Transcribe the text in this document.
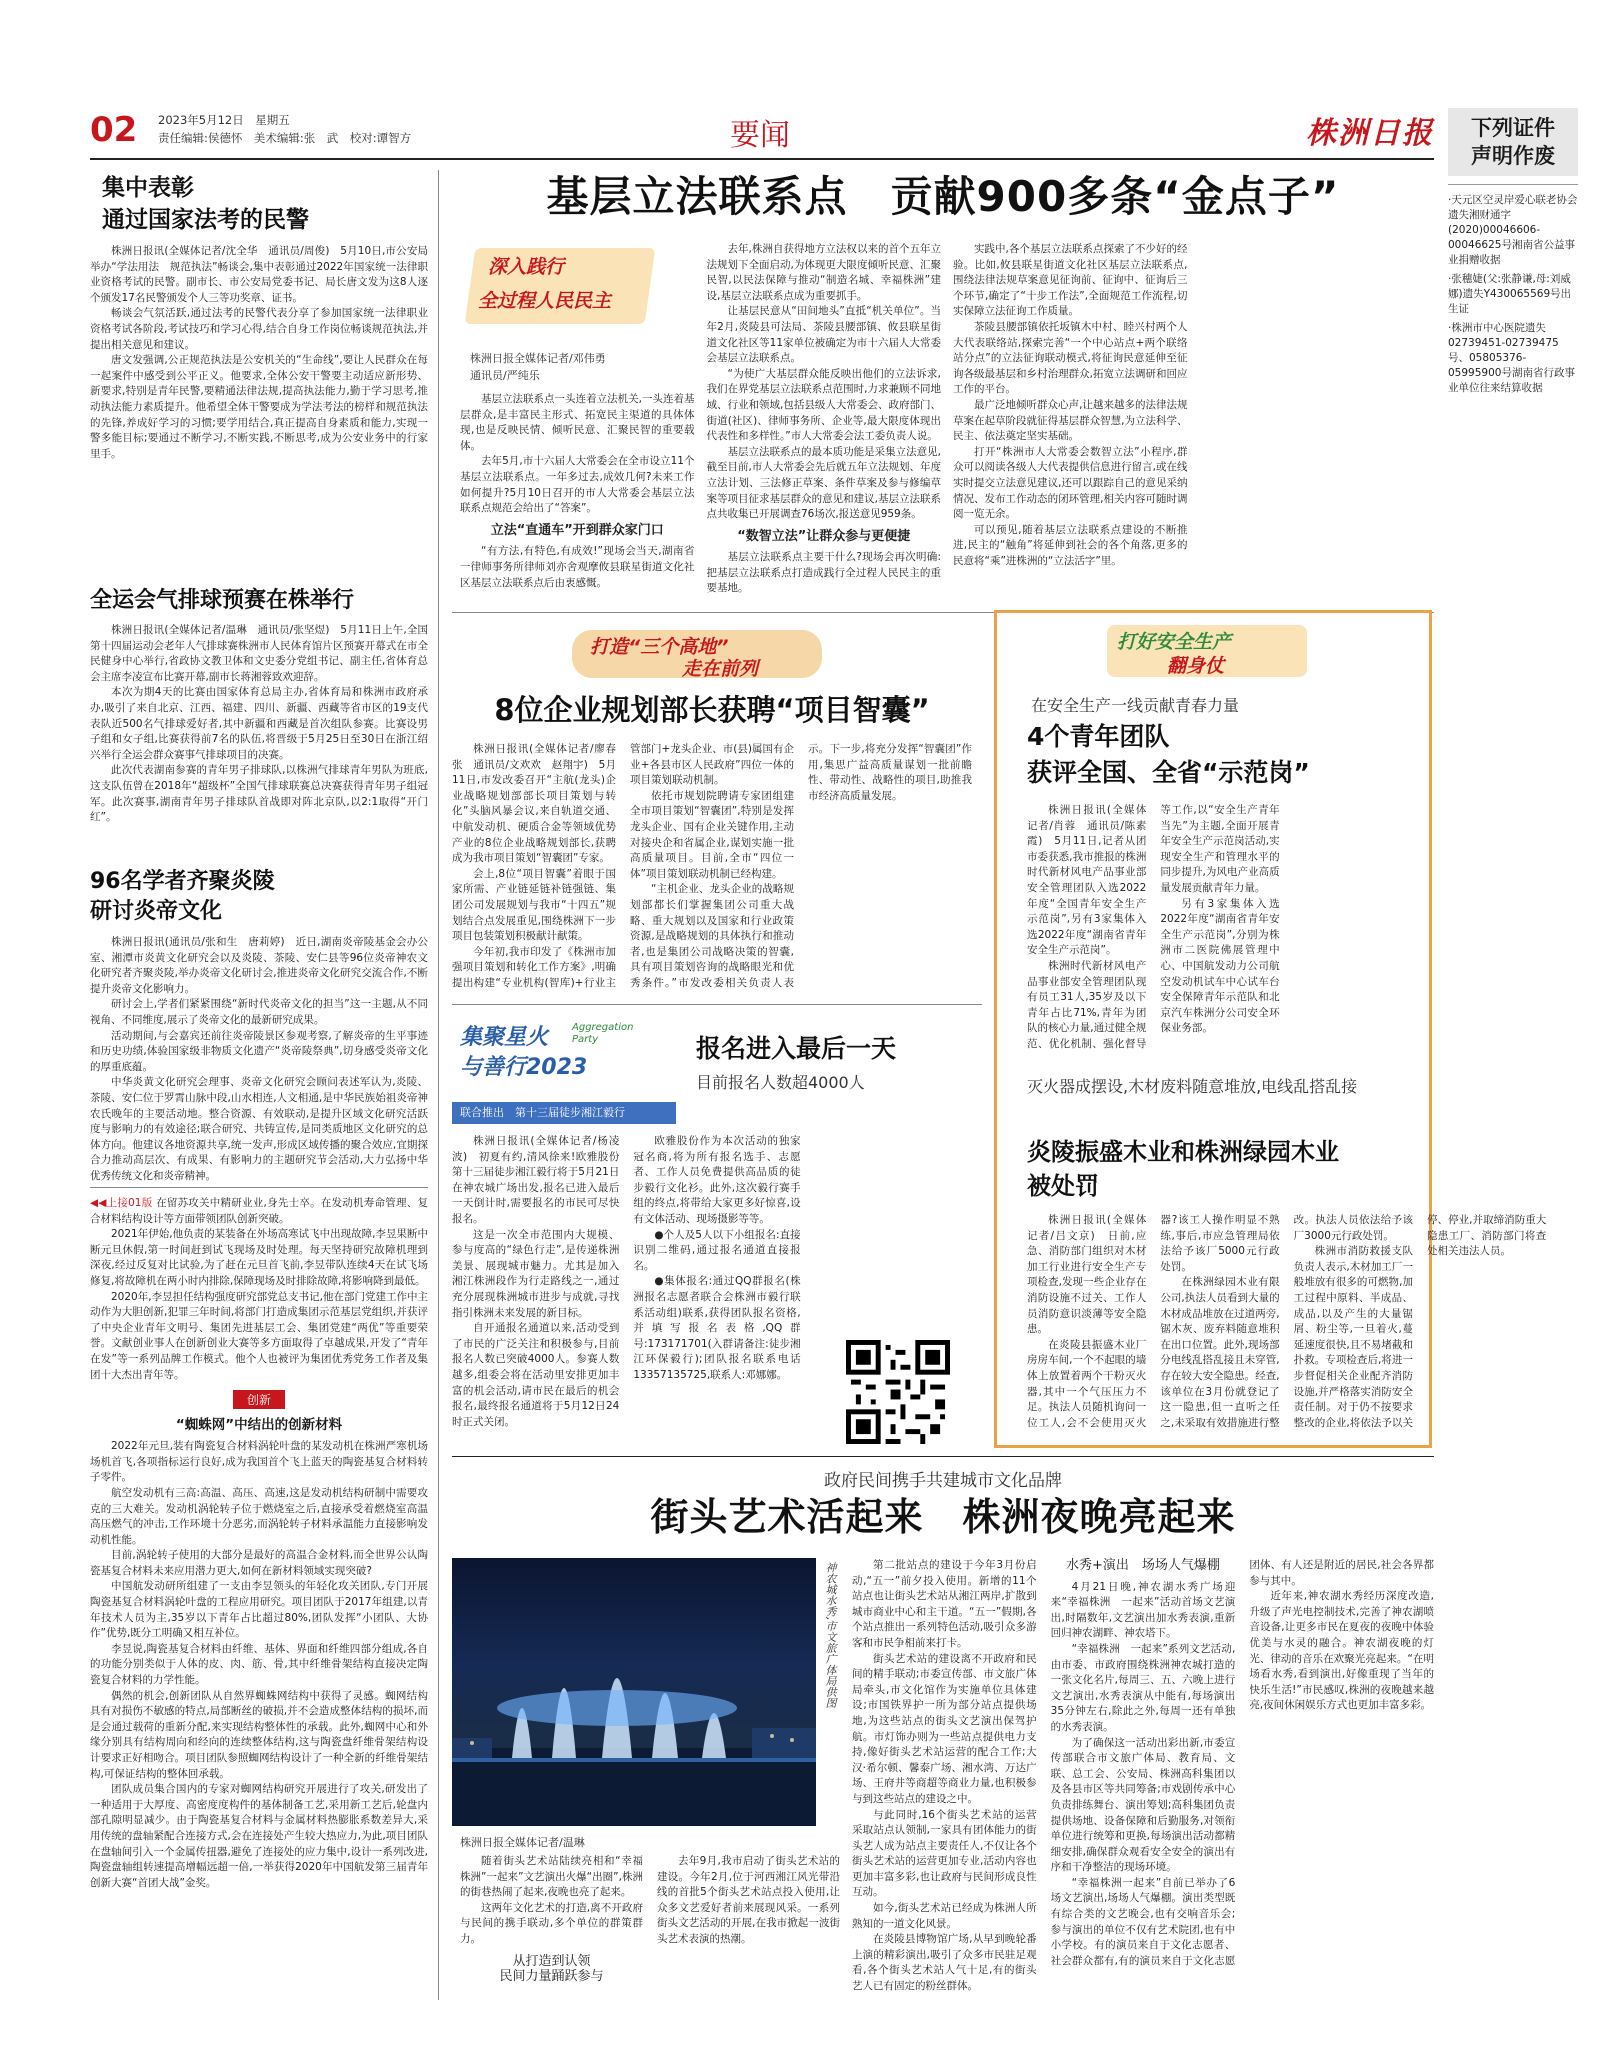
02 2023年5月12日　星期五
责任编辑:侯德怀　美术编辑:张　武　校对:谭智方	要闻	株洲日报	下列证件
声明作废
·天元区空灵岸爱心联老协会遗失湘财通字(2020)00046606-00046625号湘南省公益事业捐赠收据
·张穗婕(父:张静谦,母:刘威娜)遗失Y430065569号出生证
·株洲市中心医院遗失02739451-02739475号、05805376-05995900号湖南省行政事业单位往来结算收据
集中表彰
通过国家法考的民警

株洲日报讯(全媒体记者/沈全华　通讯员/周俊)　5月10日,市公安局举办“学法用法　规范执法”畅谈会,集中表彰通过2022年国家统一法律职业资格考试的民警。副市长、市公安局党委书记、局长唐文发为这8人逐个颁发17名民警颁发个人三等功奖章、证书。

畅谈会气氛活跃,通过法考的民警代表分享了参加国家统一法律职业资格考试各阶段,考试技巧和学习心得,结合自身工作岗位畅谈规范执法,并提出相关意见和建议。

唐文发强调,公正规范执法是公安机关的“生命线”,要让人民群众在每一起案件中感受到公平正义。他要求,全体公安干警要主动适应新形势、新要求,特别是青年民警,要精通法律法规,提高执法能力,勤于学习思考,推动执法能力素质提升。他希望全体干警要成为学法考法的榜样和规范执法的先锋,养成好学习的习惯;要学用结合,真正提高自身素质和能力,实现一警多能目标;要通过不断学习,不断实践,不断思考,成为公安业务中的行家里手。

全运会气排球预赛在株举行

株洲日报讯(全媒体记者/温琳　通讯员/张坚煜)　5月11日上午,全国第十四届运动会老年人气排球赛株洲市人民体育馆片区预赛开幕式在市全民健身中心举行,省政协文教卫体和文史委分党组书记、副主任,省体育总会主席李凌宣布比赛开幕,副市长蒋湘蓉致欢迎辞。

本次为期4天的比赛由国家体育总局主办,省体育局和株洲市政府承办,吸引了来自北京、江西、福建、四川、新疆、西藏等省市区的19支代表队近500名气排球爱好者,其中新疆和西藏是首次组队参赛。比赛设男子组和女子组,比赛获得前7名的队伍,将晋级于5月25日至30日在浙江绍兴举行全运会群众赛事气排球项目的决赛。

此次代表湖南参赛的青年男子排球队,以株洲气排球青年男队为班底,这支队伍曾在2018年“超级杯”全国气排球联赛总决赛获得青年男子组冠军。此次赛事,湖南青年男子排球队首战即对阵北京队,以2:1取得“开门红”。

96名学者齐聚炎陵
研讨炎帝文化

株洲日报讯(通讯员/张和生　唐莉婷)　近日,湖南炎帝陵基金会办公室、湘潭市炎黄文化研究会以及炎陵、茶陵、安仁县等96位炎帝神农文化研究者齐聚炎陵,举办炎帝文化研讨会,推进炎帝文化研究交流合作,不断提升炎帝文化影响力。

研讨会上,学者们紧紧围绕“新时代炎帝文化的担当”这一主题,从不同视角、不同维度,展示了炎帝文化的最新研究成果。

活动期间,与会嘉宾还前往炎帝陵景区参观考察,了解炎帝的生平事迹和历史功绩,体验国家级非物质文化遗产“炎帝陵祭典”,切身感受炎帝文化的厚重底蕴。

中华炎黄文化研究会理事、炎帝文化研究会顾问表述军认为,炎陵、茶陵、安仁位于罗霄山脉中段,山水相连,人文相通,是中华民族始祖炎帝神农氏晚年的主要活动地。整合资源、有效联动,是提升区域文化研究活跃度与影响力的有效途径;联合研究、共铸宣传,是同类质地区文化研究的总体方向。他建议各地资源共享,统一发声,形成区域传播的聚合效应,宜期探合力推动高层次、有成果、有影响力的主题研究节会活动,大力弘扬中华优秀传统文化和炎帝精神。

◀◀上接01版 在留苏攻关中精研业业,身先士卒。在发动机寿命管理、复合材料结构设计等方面带领团队创新突破。

2021年伊始,他负责的某装备在外场高寒试飞中出现故障,李昱果断中断元旦休假,第一时间赶到试飞现场及时处理。每天坚持研究故障机理到深夜,经过反复对比试验,为了赶在元旦首飞前,李昱带队连续4天在试飞场修复,将故障机在两小时内排除,保障现场及时排除故障,将影响降到最低。

2020年,李昱担任结构强度研究部党总支书记,他在部门党建工作中主动作为大胆创新,犯罪三年时间,将部门打造成集团示范基层党组织,并获评了中央企业青年文明号、集团先进基层工会、集团党建“两优”等重要荣誉。文献创业事人在创新创业大赛等多方面取得了卓越成果,开发了“青年在发”等一系列品牌工作模式。他个人也被评为集团优秀党务工作者及集团十大杰出青年等。

创新
“蜘蛛网”中结出的创新材料

2022年元旦,装有陶瓷复合材料涡轮叶盘的某发动机在株洲严寒机场场机首飞,各项指标运行良好,成为我国首个飞上蓝天的陶瓷基复合材料转子零件。

航空发动机有三高:高温、高压、高速,这是发动机结构研制中需要攻克的三大难关。发动机涡轮转子位于燃烧室之后,直接承受着燃烧室高温高压燃气的冲击,工作环境十分恶劣,而涡轮转子材料承温能力直接影响发动机性能。

目前,涡轮转子使用的大部分是最好的高温合金材料,而全世界公认陶瓷基复合材料未来应用潜力更大,如何在新材料领域实现突破?

中国航发动研所组建了一支由李昱领头的年轻化攻关团队,专门开展陶瓷基复合材料涡轮叶盘的工程应用研究。项目团队于2017年组建,以青年技术人员为主,35岁以下青年占比超过80%,团队发挥“小团队、大协作”优势,既分工明确又相互补位。

李昱说,陶瓷基复合材料由纤维、基体、界面和纤维四部分组成,各自的功能分别类似于人体的皮、肉、筋、骨,其中纤维骨架结构直接决定陶瓷复合材料的力学性能。

偶然的机会,创新团队从自然界蜘蛛网结构中获得了灵感。蜘网结构具有对损伤不敏感的特点,局部断丝的破损,并不会造成整体结构的损坏,而是会通过载荷的重新分配,来实现结构整体性的承载。此外,蜘网中心和外缘分别具有结构周向和经向的连续整体结构,这与陶瓷盘纤维骨架结构设计要求正好相吻合。项目团队参照蜘网结构设计了一种全新的纤维骨架结构,可保证结构的整体回承载。

团队成员集合国内的专家对蜘网结构研究开展进行了攻关,研发出了一种适用于大厚度、高密度度构件的基体制备工艺,采用新工艺后,轮盘内部孔隙明显减少。由于陶瓷基复合材料与金属材料热膨胀系数差异大,采用传统的盘轴紧配合连接方式,会在连接处产生较大热应力,为此,项目团队在盘轴间引入一个金属传扭器,避免了连接处的应力集中,设计一系列改进,陶瓷盘轴组转速提高增幅远超一倍,一举获得2020年中国航发第三届青年创新大赛“首团大战”金奖。

基层立法联系点　贡献900多条“金点子”
深入践行
全过程人民民主
株洲日报全媒体记者/邓伟勇
通讯员/严纯乐

基层立法联系点一头连着立法机关,一头连着基层群众,是丰富民主形式、拓宽民主渠道的具体体现,也是反映民情、倾听民意、汇聚民智的重要载体。

去年5月,市十六届人大常委会在全市设立11个基层立法联系点。一年多过去,成效几何?未来工作如何提升?5月10日召开的市人大常委会基层立法联系点规范会给出了“答案”。

立法“直通车”开到群众家门口

“有方法,有特色,有成效!”现场会当天,湖南省一律师事务所律师刘亦舍观摩攸县联星街道文化社区基层立法联系点后由衷感慨。

去年,株洲自获得地方立法权以来的首个五年立法规划下全面启动,为体现更大限度倾听民意、汇聚民智,以民法保障与推动“制造名城、幸福株洲”建设,基层立法联系点成为重要抓手。

让基层民意从“田间地头”直抵“机关单位”。当年2月,炎陵县可法局、茶陵县腰部镇、攸县联星街道文化社区等11家单位被确定为市十六届人大常委会基层立法联系点。

“为使广大基层群众能反映出他们的立法诉求,我们在界党基层立法联系点范围时,力求兼顾不同地域、行业和领域,包括县级人大常委会、政府部门、街道(社区)、律师事务所、企业等,最大限度体现出代表性和多样性。”市人大常委会法工委负责人说。

基层立法联系点的最本质功能是采集立法意见,截至目前,市人大常委会先后就五年立法规划、年度立法计划、三法修正草案、条件草案及参与修编草案等项目征求基层群众的意见和建议,基层立法联系点共收集已开展调查76场次,报送意见959条。

“数智立法”让群众参与更便捷

基层立法联系点主要干什么?现场会再次明确:把基层立法联系点打造成践行全过程人民民主的重要基地。

实践中,各个基层立法联系点探索了不少好的经验。比如,攸县联星街道文化社区基层立法联系点,围绕法律法规草案意见征询前、征询中、征询后三个环节,确定了“十步工作法”,全面规范工作流程,切实保障立法征询工作质量。

茶陵县腰部镇依托坂镇木中村、睦兴村两个人大代表联络站,探索完善“一个中心站点+两个联络站分点”的立法征询联动模式,将征询民意延伸至征询各级最基层和乡村治理群众,拓宽立法调研和回应工作的平台。

最广泛地倾听群众心声,让越来越多的法律法规草案在起草阶段就征得基层群众智慧,为立法科学、民主、依法奠定坚实基础。

打开“株洲市人大常委会数智立法”小程序,群众可以阅读各级人大代表提供信息进行留言,或在线实时提交立法意见建议,还可以跟踪自己的意见采纳情况、发布工作动态的闭环管理,相关内容可随时调阅一览无余。

可以预见,随着基层立法联系点建设的不断推进,民主的“触角”将延伸到社会的各个角落,更多的民意将“乘”进株洲的“立法活字”里。

打造“三个高地”
走在前列
8位企业规划部长获聘“项目智囊”

株洲日报讯(全媒体记者/廖春张　通讯员/文欢欢　赵翔宇)　5月11日,市发改委召开“主航(龙头)企业战略规划部部长项目策划与转化”头脑风暴会议,来自轨道交通、中航发动机、硬质合金等领域优势产业的8位企业战略规划部长,获聘成为我市项目策划“智囊团”专家。

会上,8位“项目智囊”着眼于国家所需、产业链延链补链强链、集团公司发展规划与我市“十四五”规划结合点发展重见,围绕株洲下一步项目包装策划积极献计献策。

今年初,我市印发了《株洲市加强项目策划和转化工作方案》,明确提出构建“专业机构(智库)+行业主管部门+龙头企业、市(县)属国有企业+各县市区人民政府”四位一体的项目策划联动机制。

依托市规划院聘请专家团组建全市项目策划“智囊团”,特别是发挥龙头企业、国有企业关键作用,主动对接央企和省属企业,谋划实施一批高质量项目。目前,全市“四位一体”项目策划联动机制已经构建。

“主机企业、龙头企业的战略规划部都长们掌握集团公司重大战略、重大规划以及国家和行业政策资源,是战略规划的具体执行和推动者,也是集团公司战略决策的智囊,具有项目策划咨询的战略眼光和优秀条件。”市发改委相关负责人表示。下一步,将充分发挥“智囊团”作用,集思广益高质量谋划一批前瞻性、带动性、战略性的项目,助推我市经济高质量发展。

打好安全生产
翻身仗
在安全生产一线贡献青春力量
4个青年团队
获评全国、全省“示范岗”

株洲日报讯(全媒体记者/肖蓉　通讯员/陈素霞)　5月11日,记者从团市委获悉,我市推报的株洲时代新材风电产品事业部安全管理团队入选2022年度“全国青年安全生产示范岗”,另有3家集体入选2022年度“湖南省青年安全生产示范岗”。

株洲时代新材风电产品事业部安全管理团队现有员工31人,35岁及以下青年占比71%,青年为团队的核心力量,通过健全规范、优化机制、强化督导等工作,以“安全生产青年当先”为主题,全面开展青年安全生产示范岗活动,实现安全生产和管理水平的同步提升,为风电产业高质量发展贡献青年力量。

另有3家集体入选2022年度“湖南省青年安全生产示范岗”,分别为株洲市二医院佛展管理中心、中国航发动力公司航空发动机试车中心试车台安全保障青年示范队和北京汽车株洲分公司安全环保业务部。

灭火器成摆设,木材废料随意堆放,电线乱搭乱接
炎陵振盛木业和株洲绿园木业
被处罚

株洲日报讯(全媒体记者/吕文京)　日前,应急、消防部门组织对木材加工行业进行安全生产专项检查,发现一些企业存在消防设施不过关、工作人员消防意识淡薄等安全隐患。

在炎陵县振盛木业厂房房车间,一个不起眼的墙体上放置着两个干粉灭火器,其中一个气压压力不足。执法人员随机询问一位工人,会不会使用灭火器?该工人操作明显不熟练,事后,市应急管理局依法给予该厂5000元行政处罚。

在株洲绿园木业有限公司,执法人员看到大量的木材成品堆放在过道两旁,锯木灰、废弃料随意堆积在出口位置。此外,现场部分电线乱搭乱接且未穿管,存在较大安全隐患。经查,该单位在3月份就登记了这一隐患,但一直听之任之,未采取有效措施进行整改。执法人员依法给予该厂3000元行政处罚。

株洲市消防救援支队负责人表示,木材加工厂一般堆放有很多的可燃物,加工过程中原料、半成品、成品,以及产生的大量锯屑、粉尘等,一旦着火,蔓延速度很快,且不易堵截和扑救。专项检查后,将进一步督促相关企业配齐消防设施,并严格落实消防安全责任制。对于仍不按要求整改的企业,将依法予以关停、停业,并取缔消防重大隐患工厂、消防部门将查处相关违法人员。

集聚星火 Aggregation Party
与善行2023
联合推出　第十三届徒步湘江毅行
报名进入最后一天
目前报名人数超4000人

株洲日报讯(全媒体记者/杨凌波)　初夏有约,清风徐来!欧雅股份第十三届徒步湘江毅行将于5月21日在神农城广场出发,报名已进入最后一天倒计时,需要报名的市民可尽快报名。

这是一次全市范围内大规模、参与度高的“绿色行走”,是传递株洲美景、展现城市魅力。尤其是加入湘江株洲段作为行走路线之一,通过充分展现株洲城市进步与成就,寻找指引株洲未来发展的新目标。

自开通报名通道以来,活动受到了市民的广泛关注和积极参与,目前报名人数已突破4000人。参赛人数越多,组委会将在活动里安排更加丰富的机会活动,请市民在最后的机会报名,最终报名通道将于5月12日24时正式关闭。

欧雅股份作为本次活动的独家冠名商,将为所有报名选手、志愿者、工作人员免费提供高品质的徒步毅行文化衫。此外,这次毅行赛手组的终点,将带给大家更多好惊喜,设有文体活动、现场摄影等等。

●个人及5人以下小组报名:直接识别二维码,通过报名通道直接报名。

●集体报名:通过QQ群报名(株洲报名志愿者联合会株洲市毅行联系活动组)联系,获得团队报名资格,并填写报名表格,QQ群号:173171701(入群请备注:徒步湘江环保毅行);团队报名联系电话13357135725,联系人:邓娜娜。

政府民间携手共建城市文化品牌
街头艺术活起来　株洲夜晚亮起来
神农城水秀,市文旅广体局供图
株洲日报全媒体记者/温琳

随着街头艺术站陆续亮相和“幸福株洲”一起来”文艺演出火爆“出圈”,株洲的街巷热闹了起来,夜晚也亮了起来。

这两年文化艺术的打造,离不开政府与民间的携手联动,多个单位的群策群力。

从打造到认领
民间力量踊跃参与

去年9月,我市启动了街头艺术站的建设。今年2月,位于河西湘江风光带沿线的首批5个街头艺术站点投入使用,让众多文艺爱好者前来展现风采。一系列街头文艺活动的开展,在我市掀起一波街头艺术表演的热潮。

第二批站点的建设于今年3月份启动,“五一”前夕投入使用。新增的11个站点也让街头艺术站从湘江两岸,扩散到城市商业中心和主干道。“五一”假期,各个站点推出一系列特色活动,吸引众多游客和市民争相前来打卡。

街头艺术站的建设离不开政府和民间的精手联动;市委宣传部、市文旅广体局牵头,市文化馆作为实施单位具体建设;市国铁界护一所为部分站点提供场地,为这些站点的街头文艺演出保驾护航。市灯饰办则为一些站点提供电力支持,像好街头艺术站运营的配合工作;大汉·希尔顿、馨泰广场、湘水湾、万达广场、王府井等商超等商业力量,也积极参与到这些站点的建设之中。

与此同时,16个街头艺术站的运营采取站点认领制,一家具有团体能力的街头艺人成为站点主要责任人,不仅让各个街头艺术站的运营更加专业,活动内容也更加丰富多彩,也让政府与民间形成良性互动。

如今,街头艺术站已经成为株洲人所熟知的一道文化风景。

在炎陵县博物馆广场,从早到晚轮番上演的精彩演出,吸引了众多市民驻足观看,各个街头艺术站人气十足,有的街头艺人已有固定的粉丝群体。

水秀+演出　场场人气爆棚

4月21日晚,神农湖水秀广场迎来“幸福株洲　一起来”活动首场文艺演出,时隔数年,文艺演出加水秀表演,重新回归神农湖畔、神农塔下。

“幸福株洲　一起来”系列文艺活动,由市委、市政府围绕株洲神农城打造的一张文化名片,每周三、五、六晚上进行文艺演出,水秀表演从中能有,每场演出35分钟左右,除此之外,每周一还有单独的水秀表演。

为了确保这一活动出彩出新,市委宣传部联合市文旅广体局、教育局、文联、总工会、公安局、株洲高科集团以及各县市区等共同筹备;市戏剧传承中心负责排练舞台、演出筹划;高科集团负责提供场地、设备保障和后勤服务,对领衔单位进行统筹和更换,每场演出活动都精细安排,确保群众观看安全安全的演出有序和干净整洁的现场环境。

“幸福株洲一起来”自前已举办了6场文艺演出,场场人气爆棚。演出类型既有综合类的文艺晚会,也有交响音乐会;参与演出的单位不仅有艺术院团,也有中小学校。有的演员来自于文化志愿者、社会群众都有,有的演员来自于文化志愿团体、有人还是附近的居民,社会各界都参与其中。

近年来,神农湖水秀经历深度改造,升级了声光电控制技术,完善了神农湖喷音设备,让更多市民在夏夜的夜晚中体验优美与水灵的融合。神农湖夜晚的灯光、律动的音乐在欢聚光亮起来。“在明场看水秀,看到演出,好像重现了当年的快乐生活!”市民感叹,株洲的夜晚越来越亮,夜间休闲娱乐方式也更加丰富多彩。
